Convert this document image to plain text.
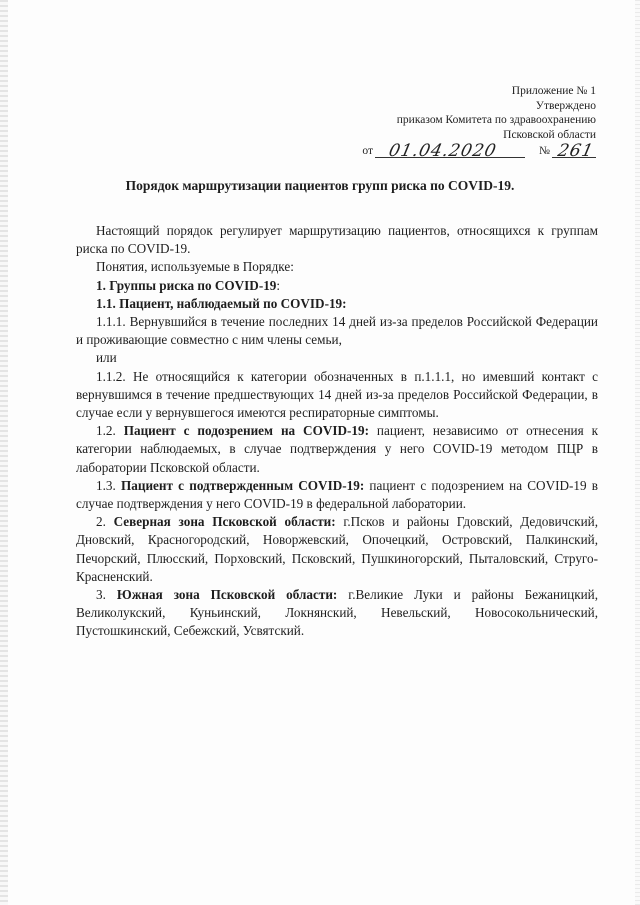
Приложение № 1
Утверждено
приказом Комитета по здравоохранению
Псковской области
от 01.04.2020	№ 261
Порядок маршрутизации пациентов групп риска по COVID-19.

Настоящий порядок регулирует маршрутизацию пациентов, относящихся к группам риска по COVID-19.

Понятия, используемые в Порядке:

1. Группы риска по COVID-19:

1.1. Пациент, наблюдаемый по COVID-19:

1.1.1. Вернувшийся в течение последних 14 дней из-за пределов Российской Федерации и проживающие совместно с ним члены семьи,

или

1.1.2. Не относящийся к категории обозначенных в п.1.1.1, но имевший контакт с вернувшимся в течение предшествующих 14 дней из-за пределов Российской Федерации, в случае если у вернувшегося имеются респираторные симптомы.

1.2. Пациент с подозрением на COVID-19: пациент, независимо от отнесения к категории наблюдаемых, в случае подтверждения у него COVID-19 методом ПЦР в лаборатории Псковской области.

1.3. Пациент с подтвержденным COVID-19: пациент с подозрением на COVID-19 в случае подтверждения у него COVID-19 в федеральной лаборатории.

2. Северная зона Псковской области: г.Псков и районы Гдовский, Дедовичский, Дновский, Красногородский, Новоржевский, Опочецкий, Островский, Палкинский, Печорский, Плюсский, Порховский, Псковский, Пушкиногорский, Пыталовский, Струго-Красненский.

3. Южная зона Псковской области: г.Великие Луки и районы Бежаницкий, Великолукский, Куньинский, Локнянский, Невельский, Новосокольнический, Пустошкинский, Себежский, Усвятский.
